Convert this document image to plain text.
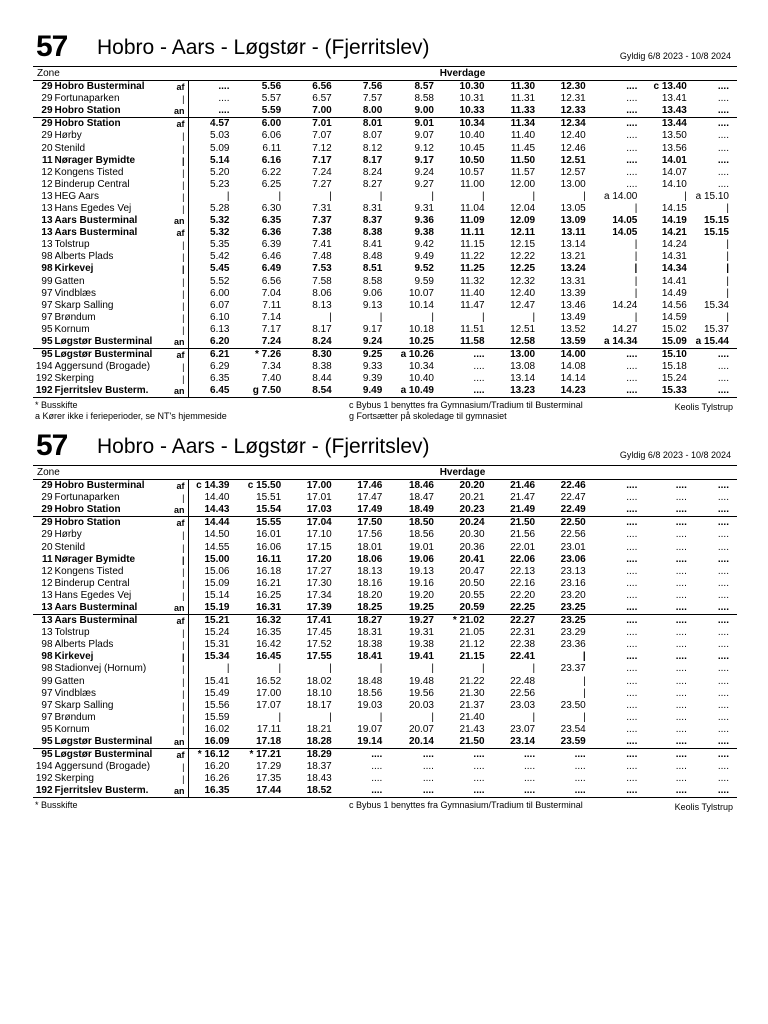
57 Hobro - Aars - Løgstør - (Fjerritslev)	Gyldig 6/8 2023 - 10/8 2024
Zone			Hverdage										
29	Hobro Busterminal	af	....	5.56	6.56	7.56	8.57	10.30	11.30	12.30	....	c 13.40	....
29	Fortunaparken	|	....	5.57	6.57	7.57	8.58	10.31	11.31	12.31	....	13.41	....
29	Hobro Station	an	....	5.59	7.00	8.00	9.00	10.33	11.33	12.33	....	13.43	....
29	Hobro Station	af	4.57	6.00	7.01	8.01	9.01	10.34	11.34	12.34	....	13.44	....
29	Hørby	|	5.03	6.06	7.07	8.07	9.07	10.40	11.40	12.40	....	13.50	....
20	Stenild	|	5.09	6.11	7.12	8.12	9.12	10.45	11.45	12.46	....	13.56	....
11	Nørager Bymidte	|	5.14	6.16	7.17	8.17	9.17	10.50	11.50	12.51	....	14.01	....
12	Kongens Tisted	|	5.20	6.22	7.24	8.24	9.24	10.57	11.57	12.57	....	14.07	....
12	Binderup Central	|	5.23	6.25	7.27	8.27	9.27	11.00	12.00	13.00	....	14.10	....
13	HEG Aars	|	|	|	|	|	|	|	|	|	a 14.00	|	a 15.10
13	Hans Egedes Vej	|	5.28	6.30	7.31	8.31	9.31	11.04	12.04	13.05	|	14.15	|
13	Aars Busterminal	an	5.32	6.35	7.37	8.37	9.36	11.09	12.09	13.09	14.05	14.19	15.15
13	Aars Busterminal	af	5.32	6.36	7.38	8.38	9.38	11.11	12.11	13.11	14.05	14.21	15.15
13	Tolstrup	|	5.35	6.39	7.41	8.41	9.42	11.15	12.15	13.14	|	14.24	|
98	Alberts Plads	|	5.42	6.46	7.48	8.48	9.49	11.22	12.22	13.21	|	14.31	|
98	Kirkevej	|	5.45	6.49	7.53	8.51	9.52	11.25	12.25	13.24	|	14.34	|
99	Gatten	|	5.52	6.56	7.58	8.58	9.59	11.32	12.32	13.31	|	14.41	|
97	Vindblæs	|	6.00	7.04	8.06	9.06	10.07	11.40	12.40	13.39	|	14.49	|
97	Skarp Salling	|	6.07	7.11	8.13	9.13	10.14	11.47	12.47	13.46	14.24	14.56	15.34
97	Brøndum	|	6.10	7.14	|	|	|	|	|	13.49	|	14.59	|
95	Kornum	|	6.13	7.17	8.17	9.17	10.18	11.51	12.51	13.52	14.27	15.02	15.37
95	Løgstør Busterminal	an	6.20	7.24	8.24	9.24	10.25	11.58	12.58	13.59	a 14.34	15.09	a 15.44
95	Løgstør Busterminal	af	6.21	* 7.26	8.30	9.25	a 10.26	....	13.00	14.00	....	15.10	....
194	Aggersund (Brogade)	|	6.29	7.34	8.38	9.33	10.34	....	13.08	14.08	....	15.18	....
192	Skerping	|	6.35	7.40	8.44	9.39	10.40	....	13.14	14.14	....	15.24	....
192	Fjerritslev Busterm.	an	6.45	g 7.50	8.54	9.49	a 10.49	....	13.23	14.23	....	15.33	....
* Busskifte
a Kører ikke i ferieperioder, se NT's hjemmeside
c Bybus 1 benyttes fra Gymnasium/Tradium til Busterminal
g Fortsætter på skoledage til gymnasiet
Keolis Tylstrup
57 Hobro - Aars - Løgstør - (Fjerritslev)	Gyldig 6/8 2023 - 10/8 2024
Zone			Hverdage										
29	Hobro Busterminal	af	c 14.39	c 15.50	17.00	17.46	18.46	20.20	21.46	22.46	....	....	....
29	Fortunaparken	|	14.40	15.51	17.01	17.47	18.47	20.21	21.47	22.47	....	....	....
29	Hobro Station	an	14.43	15.54	17.03	17.49	18.49	20.23	21.49	22.49	....	....	....
29	Hobro Station	af	14.44	15.55	17.04	17.50	18.50	20.24	21.50	22.50	....	....	....
29	Hørby	|	14.50	16.01	17.10	17.56	18.56	20.30	21.56	22.56	....	....	....
20	Stenild	|	14.55	16.06	17.15	18.01	19.01	20.36	22.01	23.01	....	....	....
11	Nørager Bymidte	|	15.00	16.11	17.20	18.06	19.06	20.41	22.06	23.06	....	....	....
12	Kongens Tisted	|	15.06	16.18	17.27	18.13	19.13	20.47	22.13	23.13	....	....	....
12	Binderup Central	|	15.09	16.21	17.30	18.16	19.16	20.50	22.16	23.16	....	....	....
13	Hans Egedes Vej	|	15.14	16.25	17.34	18.20	19.20	20.55	22.20	23.20	....	....	....
13	Aars Busterminal	an	15.19	16.31	17.39	18.25	19.25	20.59	22.25	23.25	....	....	....
13	Aars Busterminal	af	15.21	16.32	17.41	18.27	19.27	* 21.02	22.27	23.25	....	....	....
13	Tolstrup	|	15.24	16.35	17.45	18.31	19.31	21.05	22.31	23.29	....	....	....
98	Alberts Plads	|	15.31	16.42	17.52	18.38	19.38	21.12	22.38	23.36	....	....	....
98	Kirkevej	|	15.34	16.45	17.55	18.41	19.41	21.15	22.41	|	....	....	....
98	Stadionvej (Hornum)	|	|	|	|	|	|	|	|	23.37	....	....	....
99	Gatten	|	15.41	16.52	18.02	18.48	19.48	21.22	22.48	|	....	....	....
97	Vindblæs	|	15.49	17.00	18.10	18.56	19.56	21.30	22.56	|	....	....	....
97	Skarp Salling	|	15.56	17.07	18.17	19.03	20.03	21.37	23.03	23.50	....	....	....
97	Brøndum	|	15.59	|	|	|	|	21.40	|	|	....	....	....
95	Kornum	|	16.02	17.11	18.21	19.07	20.07	21.43	23.07	23.54	....	....	....
95	Løgstør Busterminal	an	16.09	17.18	18.28	19.14	20.14	21.50	23.14	23.59	....	....	....
95	Løgstør Busterminal	af	* 16.12	* 17.21	18.29	....	....	....	....	....	....	....	....
194	Aggersund (Brogade)	|	16.20	17.29	18.37	....	....	....	....	....	....	....	....
192	Skerping	|	16.26	17.35	18.43	....	....	....	....	....	....	....	....
192	Fjerritslev Busterm.	an	16.35	17.44	18.52	....	....	....	....	....	....	....	....
* Busskifte	c Bybus 1 benyttes fra Gymnasium/Tradium til Busterminal	Keolis Tylstrup
